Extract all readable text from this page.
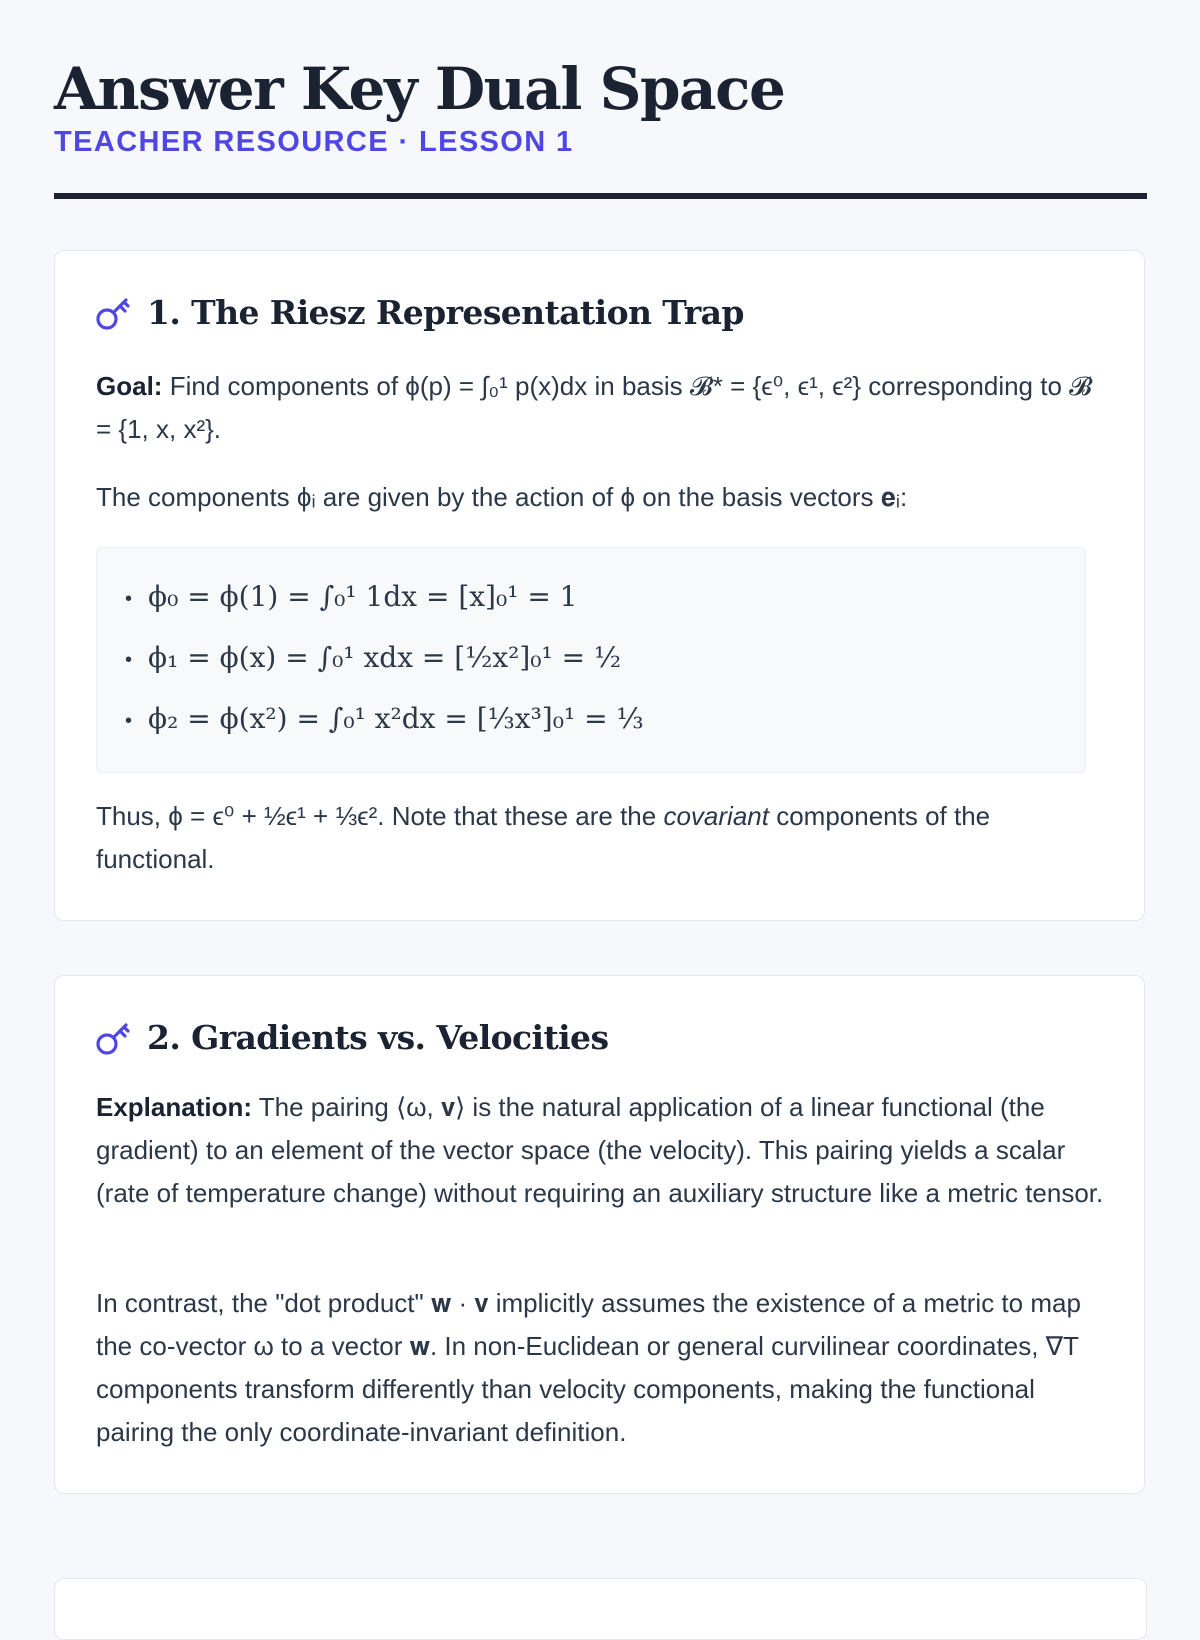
Answer Key Dual Space
TEACHER RESOURCE · LESSON 1
1. The Riesz Representation Trap

Goal: Find components of ϕ(p) = ∫₀¹ p(x)dx in basis 𝓑* = {ϵ⁰, ϵ¹, ϵ²} corresponding to 𝓑 = {1, x, x²}.

The components ϕᵢ are given by the action of ϕ on the basis vectors 𝐞ᵢ:

• ϕ₀ = ϕ(1) = ∫₀¹ 1dx = [x]₀¹ = 1
• ϕ₁ = ϕ(x) = ∫₀¹ xdx = [½x²]₀¹ = ½
• ϕ₂ = ϕ(x²) = ∫₀¹ x²dx = [⅓x³]₀¹ = ⅓

Thus, ϕ = ϵ⁰ + ½ϵ¹ + ⅓ϵ². Note that these are the covariant components of the functional.

2. Gradients vs. Velocities

Explanation: The pairing ⟨ω, 𝐯⟩ is the natural application of a linear functional (the gradient) to an element of the vector space (the velocity). This pairing yields a scalar (rate of temperature change) without requiring an auxiliary structure like a metric tensor.

In contrast, the "dot product" 𝐰 · 𝐯 implicitly assumes the existence of a metric to map the co-vector ω to a vector 𝐰. In non-Euclidean or general curvilinear coordinates, ∇T components transform differently than velocity components, making the functional pairing the only coordinate-invariant definition.
